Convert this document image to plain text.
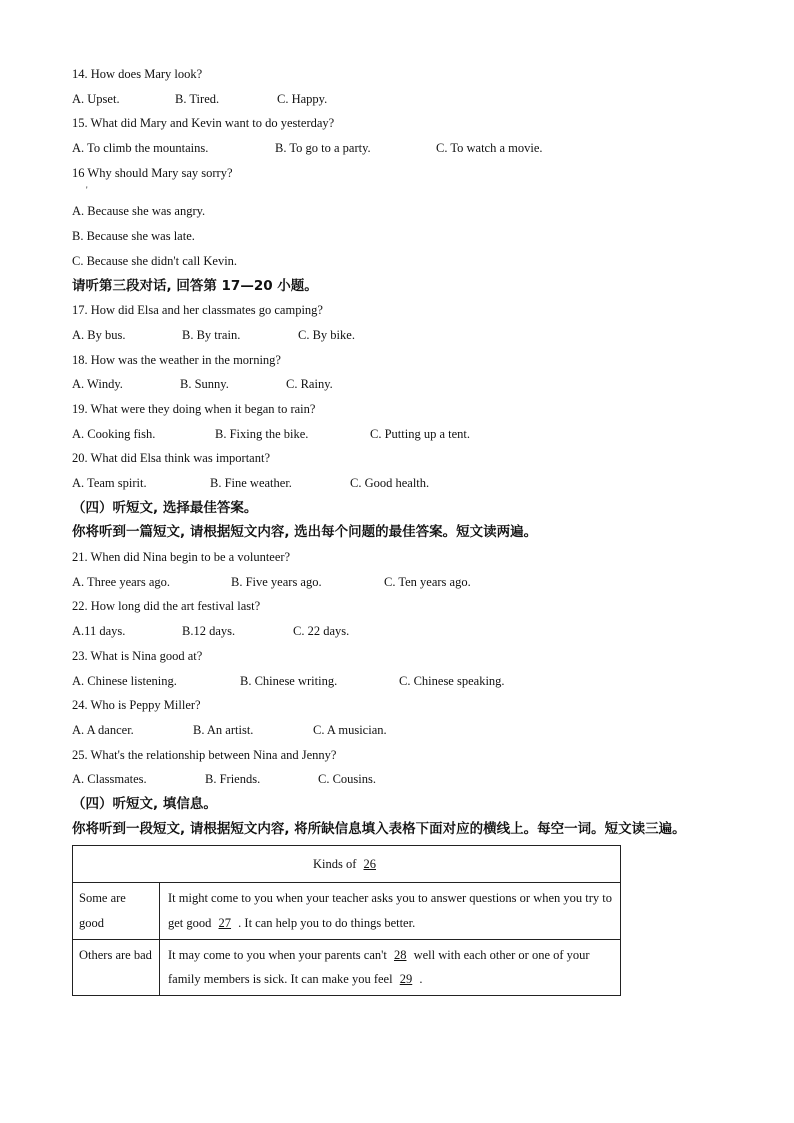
14. How does Mary look?
A. Upset.	B. Tired.	C. Happy.
15. What did Mary and Kevin want to do yesterday?
A. To climb the mountains.	B. To go to a party.	C. To watch a movie.
16 Why should Mary say sorry?
'
A. Because she was angry.
B. Because she was late.
C. Because she didn't call Kevin.
请听第三段对话, 回答第 17—20 小题。
17. How did Elsa and her classmates go camping?
A. By bus.	B. By train.	C. By bike.
18. How was the weather in the morning?
A. Windy.	B. Sunny.	C. Rainy.
19. What were they doing when it began to rain?
A. Cooking fish.	B. Fixing the bike.	C. Putting up a tent.
20. What did Elsa think was important?
A. Team spirit.	B. Fine weather.	C. Good health.
（四）听短文, 选择最佳答案。
你将听到一篇短文, 请根据短文内容, 选出每个问题的最佳答案。短文读两遍。
21. When did Nina begin to be a volunteer?
A. Three years ago.	B. Five years ago.	C. Ten years ago.
22. How long did the art festival last?
A.11 days.	B.12 days.	C. 22 days.
23. What is Nina good at?
A. Chinese listening.	B. Chinese writing.	C. Chinese speaking.
24. Who is Peppy Miller?
A. A dancer.	B. An artist.	C. A musician.
25. What's the relationship between Nina and Jenny?
A. Classmates.	B. Friends.	C. Cousins.
（四）听短文, 填信息。
你将听到一段短文, 请根据短文内容, 将所缺信息填入表格下面对应的横线上。每空一词。短文读三遍。
Kinds of 26	
Some are good	It might come to you when your teacher asks you to answer questions or when you try to get good 27 . It can help you to do things better.
Others are bad	It may come to you when your parents can't 28 well with each other or one of your family members is sick. It can make you feel 29 .
